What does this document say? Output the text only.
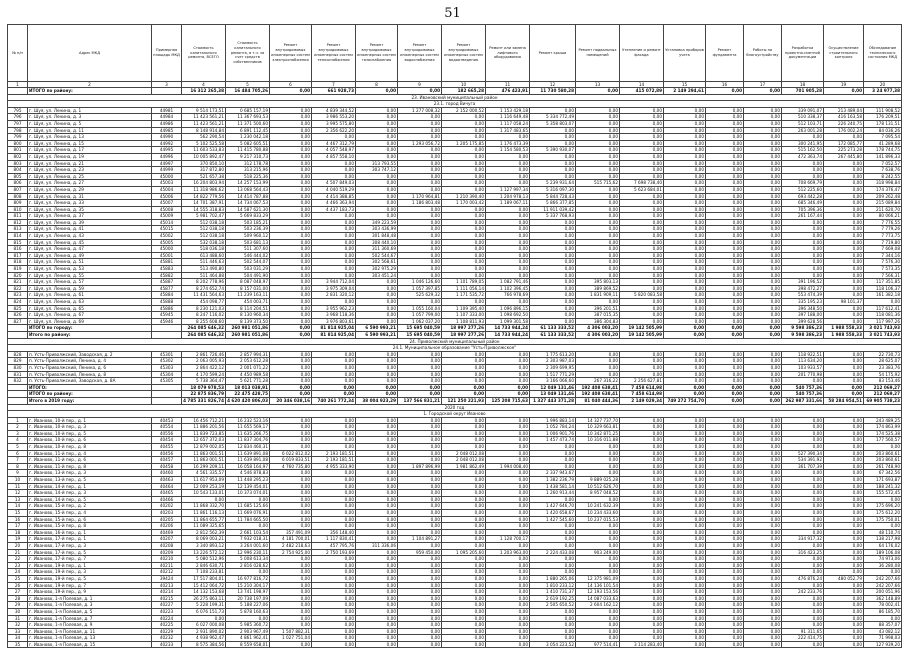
51
№ п/п	Адрес МКД	Примерная площадь МКД	Стоимость капитального ремонта, ВСЕГО	Стоимость капитального ремонта, в т.ч. за счет средств собственников	Ремонт внутридомовых инженерных систем электроснабжения	Ремонт внутридомовых инженерных систем теплоснабжения	Ремонт внутридомовых инженерных систем газоснабжения	Ремонт внутридомовых инженерных систем водоснабжения	Ремонт внутридомовых инженерных систем водоотведения	Ремонт или замена лифтового оборудования	Ремонт крыши	Ремонт подвальных помещений	Утепление и ремонт фасада	Установка приборов учета	Ремонт фундамента	Работы по благоустройству	Разработка проектно-сметной документации	Осуществление строительного контроля	Обследование технического состояния МКД
1	2	3	4	5	6	7	8	9	10	11	12	13	14	15	16	17	18	19	20
	ИТОГО по району:		16 312 265,38	16 484 705,26	0,00	661 928,73	0,00	0,00	182 665,28	476 423,91	11 730 580,28	0,00	415 072,89	2 149 294,61	0,00	0,00	701 905,28	0,00	3 24 977,38
23. Ивановский муниципальный район																			
23.1. город Вичуга																			
795	г. Шуя, ул. Ленина, д. 1	44981	9 514 173,51	0 685 157,19	0,00	4 839 344,52	0,00	1 277 008,32	2 152 000,52	1 153 429,18	0,00	0,00	0,00	0,00	0,00	0,00	339 091,07	213 489,04	111 908,52
796	г. Шуя, ул. Ленина, д. 3	44984	11 423 561,21	11 367 693,53	0,00	3 986 553,20	0,00	0,00	0,00	1 116 649,48	5 334 772,49	0,00	0,00	0,00	0,00	0,00	510 338,37	416 163,58	176 209,51
797	г. Шуя, ул. Ленина, д. 5	44986	11 423 561,21	11 371 500,60	0,00	3 995 575,80	0,00	0,00	0,00	1 117 058,24	5 358 803,07	0,00	0,00	0,00	0,00	0,00	512 103,71	226 240,75	178 131,51
798	г. Шуя, ул. Ленина, д. 11	44985	8 148 914,84	6 891 112,45	0,00	2 356 622,20	0,00	0,00	0,00	1 317 483,65	0,00	0,00	0,00	0,00	0,00	0,00	263 001,28	176 002,24	84 036,26
799	г. Шуя, ул. Ленина, д. 13	44990	562 290,54	1 230 042,18	0,00	0,00	0,00	0,00	0,00	0,00	0,00	0,00	0,00	0,00	0,00	0,00	0,00	0,00	7 095,54
800	г. Шуя, ул. Ленина, д. 15	44992	5 102 525,58	5 082 605,51	0,00	4 467 312,79	0,00	1 293 056,72	1 205 175,85	1 176 473,39	0,00	0,00	0,00	0,00	0,00	0,00	300 241,95	172 085,77	41 289,68
801	г. Шуя, ул. Ленина, д. 17	44995	11 603 533,83	11 415 780,88	0,00	4 057 548,97	0,00	0,00	0,00	1 154 580,53	5 390 930,07	0,00	0,00	0,00	0,00	0,00	515 162,50	225 273,28	178 744,75
802	г. Шуя, ул. Ленина, д. 19	44996	10 005 892,47	9 217 310,73	0,00	4 857 558,10	0,00	0,00	0,00	0,00	0,00	0,00	0,00	0,00	0,00	0,00	472 363,74	267 445,80	141 896,33
803	г. Шуя, ул. Ленина, д. 21	44997	370 850,10	312 178,78	0,00	0,00	313 793,55	0,00	0,00	0,00	0,00	0,00	0,00	0,00	0,00	0,00	0,00	0,00	7 052,57
804	г. Шуя, ул. Ленина, д. 23	44999	317 872,80	313 215,96	0,00	0,00	303 747,12	0,00	0,00	0,00	0,00	0,00	0,00	0,00	0,00	0,00	0,00	0,00	7 638,76
805	г. Шуя, ул. Ленина, д. 25	45000	521 657,38	518 225,36	0,00	0,00	0,00	0,00	0,00	0,00	0,00	0,00	0,00	0,00	0,00	0,00	0,00	0,00	8 242,55
806	г. Шуя, ул. Ленина, д. 27	45003	16 204 803,94	14 257 153,99	0,00	4 507 849,03	0,00	0,00	0,00	0,00	5 239 931,64	515 715,62	7 698 738,40	0,00	0,00	0,00	708 669,79	0,00	318 998,84
807	г. Шуя, ул. Ленина, д. 29	45004	11 318 986,62	13 068 564,43	0,00	4 040 519,29	0,00	0,00	0,00	1 127 997,34	5 316 097,30	0,00	5 623 684,01	0,00	0,00	0,00	512 225,60	0,00	174 376,47
808	г. Шуя, ул. Ленина, д. 31	45006	14 822 779,56	14 414 787,88	0,00	4 414 388,85	0,00	1 170 964,81	1 210 390,40	1 204 978,13	5 844 728,43	0,00	0,00	0,00	0,00	0,00	693 442,28	0,00	209 262,48
809	г. Шуя, ул. Ленина, д. 33	45007	14 701 387,91	14 734 067,53	0,00	4 466 363,94	0,00	1 186 803,48	1 170 003,42	1 189 067,11	5 866 377,85	0,00	0,00	0,00	0,00	0,00	685 346,49	0,00	215 089,84
810	г. Шуя, ул. Ленина, д. 35	45008	14 555 318,83	14 587 621,30	0,00	4 437 183,73	0,00	0,00	0,00	0,00	11 911 039,42	0,00	0,00	0,00	0,00	0,00	705 396,36	0,00	211 620,70
811	г. Шуя, ул. Ленина, д. 37	45009	5 981 702,47	5 669 833,29	0,00	0,00	0,00	0,00	0,00	0,00	5 337 768,93	0,00	0,00	0,00	0,00	0,00	261 167,44	0,00	80 066,21
812	г. Шуя, ул. Ленина, д. 39	45014	512 038,18	503 185,21	0,00	0,00	349 223,59	0,00	0,00	0,00	0,00	0,00	0,00	0,00	0,00	0,00	0,00	0,00	7 776,55
813	г. Шуя, ул. Ленина, д. 41	45015	512 038,18	503 236,39	0,00	0,00	303 436,99	0,00	0,00	0,00	0,00	0,00	0,00	0,00	0,00	0,00	0,00	0,00	7 779,26
814	г. Шуя, ул. Ленина, д. 43	45002	512 038,18	509 960,12	0,00	0,00	301 848,48	0,00	0,00	0,00	0,00	0,00	0,00	0,00	0,00	0,00	0,00	0,00	7 773,75
815	г. Шуя, ул. Ленина, д. 45	45005	532 038,18	503 681,13	0,00	0,00	308 440,10	0,00	0,00	0,00	0,00	0,00	0,00	0,00	0,00	0,00	0,00	0,00	7 719,80
816	г. Шуя, ул. Ленина, д. 47	45000	518 036,18	511 307,60	0,00	0,00	311 360,69	0,00	0,00	0,00	0,00	0,00	0,00	0,00	0,00	0,00	0,00	0,00	7 669,08
817	г. Шуя, ул. Ленина, д. 49	45001	613 488,60	546 444,02	0,00	0,00	502 544,67	0,00	0,00	0,00	0,00	0,00	0,00	0,00	0,00	0,00	0,00	0,00	7 344,16
818	г. Шуя, ул. Ленина, д. 51	45881	511 446,63	502 544,07	0,00	0,00	302 568,61	0,00	0,00	0,00	0,00	0,00	0,00	0,00	0,00	0,00	0,00	0,00	7 576,30
819	г. Шуя, ул. Ленина, д. 53	45883	513 490,80	503 031,29	0,00	0,00	302 975,29	0,00	0,00	0,00	0,00	0,00	0,00	0,00	0,00	0,00	0,00	0,00	7 573,35
820	г. Шуя, ул. Ленина, д. 55	45882	511 464,88	504 491,90	0,00	0,00	303 451,24	0,00	0,00	0,00	0,00	0,00	0,00	0,00	0,00	0,00	0,00	0,00	7 566,31
821	г. Шуя, ул. Ленина, д. 57	45887	8 202 778,96	8 087 048,97	0,00	3 944 712,04	0,00	1 046 126,60	1 101 789,05	1 082 791,46	0,00	395 803,13	0,00	0,00	0,00	0,00	391 196,52	0,00	117 351,85
822	г. Шуя, ул. Ленина, д. 59	45877	8 274 652,74	8 157 031,00	0,00	3 975 309,04	0,00	1 057 397,85	1 111 056,14	1 102 396,45	0,00	389 869,52	0,00	0,00	0,00	0,00	398 472,27	0,00	118 106,37
823	г. Шуя, ул. Ленина, д. 61	45884	11 431 564,63	11 239 163,11	0,00	2 831 320,12	0,00	525 629,32	1 171 535,72	766 978,69	0,00	1 831 909,11	5 820 083,58	0,00	0,00	0,00	553 474,39	0,00	161 382,18
824	г. Шуя, ул. Ленина, д. 63	45888	454 098,77	454 003,71	0,00	0,00	0,00	0,00	0,00	0,00	0,00	0,00	0,00	0,00	0,00	0,00	335 195,23	98 101,37	0,00
825	г. Шуя, ул. Ленина, д. 65	45886	8 230 121,03	8 114 204,51	0,00	3 955 962,23	0,00	1 055 160,04	1 109 395,40	1 096 896,15	0,00	396 201,51	0,00	0,00	0,00	0,00	396 348,50	0,00	117 612,41
826	г. Шуя, ул. Ленина, д. 67	45945	8 247 116,02	8 130 960,34	0,00	3 968 118,36	0,00	1 057 799,00	1 107 333,00	1 098 692,50	0,00	387 015,35	0,00	0,00	0,00	0,00	397 188,00	0,00	118 081,36
827	г. Шуя, ул. Ленина, д. 69	45946	8 255 608,60	8 139 373,50	0,00	3 976 803,61	0,00	1 062 037,20	1 108 811,93	1 099 301,58	0,00	386 304,83	0,00	0,00	0,00	0,00	399 628,56	0,00	117 997,26
	ИТОГО по городу:		264 085 646,32	260 981 051,86	0,00	81 814 925,04	6 590 993,21	15 695 040,59	18 997 277,26	14 733 944,24	61 133 333,52	4 306 003,20	19 142 505,99	0,00	0,00	0,00	9 598 386,23	1 988 558,33	3 021 743,93
	Итого по району:		264 085 646,32	260 981 051,86	0,00	81 814 925,04	6 590 993,21	15 695 040,59	18 997 277,26	14 733 944,24	61 133 333,52	4 306 003,20	19 142 505,99	0,00	0,00	0,00	9 598 386,23	1 988 558,33	3 021 743,93
24. Приволжский муниципальный район																			
24.1. Муниципальное образование "Усть-Приволжское"																			
828	п. Усть-Приволжский, Заводская, д. 2	45301	2 861 726,46	2 857 994,31	0,00	0,00	0,00	0,00	0,00	0,00	1 775 613,20	0,00	0,00	0,00	0,00	0,00	118 922,51	0,00	22 730,73
829	п. Усть-Приволжский, Ленина, д. 4	45302	2 063 005,93	2 053 612,28	0,00	0,00	0,00	0,00	0,00	0,00	2 303 987,03	0,00	0,00	0,00	0,00	0,00	113 634,20	0,00	28 625,07
830	п. Усть-Приволжский, Ленина, д. 6	45303	2 864 422,12	2 001 071,22	0,00	0,00	0,00	0,00	0,00	0,00	2 309 699,95	0,00	0,00	0,00	0,00	0,00	103 933,57	0,00	23 383,76
831	п. Усть-Приволжский, Ленина, д. 8	45304	4 170 599,24	4 450 989,58	0,00	0,00	0,00	0,00	0,00	0,00	1 517 771,29	0,00	0,00	0,00	0,00	0,00	201 770,98	0,00	54 175,92
832	п. Усть-Приволжский, Заводская, д. 8А	45305	5 738 364,47	5 621 771,28	0,00	0,00	0,00	0,00	0,00	0,00	3 166 066,60	267 316,22	2 256 627,81	0,00	0,00	0,00	0,00	0,00	83 153,46
	ИТОГО:		18 079 978,53	18 013 038,91	0,00	0,00	0,00	0,00	0,00	0,00	12 049 131,46	192 408 638,41	7 458 614,98	0,00	0,00	0,00	540 757,36	0,00	212 069,27
	ИТОГО по району:		22 875 836,79	22 475 428,75	0,00	0,00	0,00	0,00	0,00	0,00	13 049 131,46	192 408 638,41	7 458 614,98	0,00	0,00	0,00	540 757,36	0,00	212 069,27
	Итого в 2019 году:		4 785 331 826,74	4 620 420 806,03	20 346 038,16	740 261 772,34	38 004 923,29	137 566 831,21	121 250 221,93	125 208 715,63	1 327 443 371,28	81 040 444,36	2 149 029,34	749 272 754,70	0,00	0,00	262 987 331,66	58 284 954,51	69 905 738,23
2020 год																			
1. Городской округ Иваново																			
1	г. Иваново, 10-й пер., д. 1	40453	16 456 712,21	16 232 523,16	0,00	0,00	0,00	0,00	0,00	0,00	1 996 883,14	14 327 737,70	0,00	0,00	0,00	0,00	0,00	0,00	243 489,25
2	г. Иваново, 10-й пер., д. 3	40554	11 886 201,56	11 655 569,17	0,00	0,00	0,00	0,00	0,00	0,00	1 052 784,24	10 329 663,81	0,00	0,00	0,00	0,00	0,00	0,00	174 863,99
3	г. Иваново, 10-й пер., д. 5	40556	11 839 723,85	11 635 266,75	0,00	0,00	0,00	0,00	0,00	0,00	1 006 901,76	10 342 871,25	0,00	0,00	0,00	0,00	0,00	0,00	174 525,38
4	г. Иваново, 10-й пер., д. 6	40454	12 657 372,03	11 837 304,76	0,00	0,00	0,00	0,00	0,00	0,00	1 457 473,74	10 316 011,88	0,00	0,00	0,00	0,00	0,00	0,00	177 560,57
5	г. Иваново, 10-й пер., д. 8	40455	12 879 002,05	12 834 460,31	0,00	0,00	0,00	0,00	0,00	0,00	0,00	0,00	0,00	0,00	0,00	0,00	0,00	0,00	0,00
6	г. Иваново, 11-й пер., д. 4	40456	11 863 001,51	11 639 891,08	6 022 812,02	2 193 181,51	0,00	0,00	2 048 012,08	0,00	0,00	0,00	0,00	0,00	0,00	0,00	527 390,34	0,00	203 860,61
7	г. Иваново, 11-й пер., д. 6	40457	11 863 001,51	11 639 891,08	6 019 833,51	2 193 181,51	0,00	0,00	2 048 012,08	0,00	0,00	0,00	0,00	0,00	0,00	0,00	534 391,92	0,00	203 860,61
8	г. Иваново, 11-й пер., д. 8	40458	16 299 209,11	16 058 164,97	4 760 735,80	4 955 333,90	0,00	1 897 896,99	1 981 862,49	1 994 008,40	0,00	0,00	0,00	0,00	0,00	0,00	361 707,39	0,00	261 748,90
9	г. Иваново, 13-й пер., д. 3	40460	4 561 335,57	4 546 878,83	0,00	0,00	0,00	0,00	0,00	0,00	2 337 943,67	0,00	0,00	0,00	0,00	0,00	0,00	0,00	67 342,56
10	г. Иваново, 13-й пер., д. 5	40463	11 617 953,09	11 448 295,23	0,00	0,00	0,00	0,00	0,00	0,00	1 382 236,79	9 889 025,28	0,00	0,00	0,00	0,00	0,00	0,00	171 693,87
11	г. Иваново, 14-й пер., д. 1	40464	12 009 253,19	12 139 454,01	0,00	0,00	0,00	0,00	0,00	0,00	1 438 581,14	10 512 626,70	0,00	0,00	0,00	0,00	0,00	0,00	188 241,32
12	г. Иваново, 14-й пер., д. 3	40465	10 543 133,01	10 373 074,01	0,00	0,00	0,00	0,00	0,00	0,00	1 260 913,44	8 957 048,52	0,00	0,00	0,00	0,00	0,00	0,00	155 572,45
13	г. Иваново, 14-й пер., д. 5	40466	0,00	0,00	0,00	0,00	0,00	0,00	0,00	0,00	0,00	0,00	0,00	0,00	0,00	0,00	0,00	0,00	0,00
14	г. Иваново, 15-й пер., д. 2	40202	11 868 332,70	11 685 125,66	0,00	0,00	0,00	0,00	0,00	0,00	1 427 646,70	10 241 632,39	0,00	0,00	0,00	0,00	0,00	0,00	175 696,20
15	г. Иваново, 15-й пер., д. 4	40203	11 861 116,13	11 669 076,91	0,00	0,00	0,00	0,00	0,00	0,00	1 420 658,67	10 234 433,60	0,00	0,00	0,00	0,00	0,00	0,00	175 612,20
16	г. Иваново, 15-й пер., д. 6	40205	11 864 655,77	11 784 665,50	0,00	0,00	0,00	0,00	0,00	0,00	1 427 545,60	10 237 015,53	0,00	0,00	0,00	0,00	0,00	0,00	175 750,01
17	г. Иваново, 15-й пер., д. 8	40206	11 089 325,65	0,00	0,00	0,00	0,00	0,00	0,00	0,00	0,00	0,00	0,00	0,00	0,00	0,00	0,00	0,00	0,00
18	г. Иваново, 16-й пер., д. 1	40469	2 812 562,39	2 661 103,54	357 491,09	356 148,40	0,00	0,00	0,00	0,00	0,00	0,00	0,00	0,00	0,00	0,00	0,00	0,00	48 110,74
19	г. Иваново, 17-й пер., д. 1	40207	8 069 003,21	7 932 018,31	4 181 700,01	1 117 830,41	0,00	1 104 891,27	0,00	1 128 700,17	0,00	0,00	0,00	0,00	0,00	0,00	334 917,32	0,00	138 217,98
20	г. Иваново, 17-й пер., д. 3	40208	3 340 893,12	3 264 001,60	2 482 218,63	457 795,76	311 336,06	0,00	0,00	0,00	0,00	0,00	0,00	0,00	0,00	0,00	0,00	0,00	64 176,02
21	г. Иваново, 17-й пер., д. 5	40209	13 226 572,12	12 996 230,11	2 754 925,00	2 750 193,69	0,00	959 450,00	1 095 205,60	1 203 963,00	2 224 433,08	903 249,00	0,00	0,00	0,00	0,00	316 423,25	0,00	189 106,08
22	г. Иваново, 17-й пер., д. 7	40210	5 080 512,96	5 008 613,34	0,00	0,00	0,00	0,00	0,00	0,00	0,00	0,00	0,00	0,00	0,00	0,00	0,00	0,00	74 973,06
23	г. Иваново, 19-й пер., д. 1	40211	2 846 630,71	2 816 028,62	0,00	0,00	0,00	0,00	0,00	0,00	0,00	0,00	0,00	0,00	0,00	0,00	0,00	0,00	36 280,08
24	г. Иваново, 19-й пер., д. 3	40212	7 108 233,81	0,00	0,00	0,00	0,00	0,00	0,00	0,00	0,00	0,00	0,00	0,00	0,00	0,00	0,00	0,00	0,00
25	г. Иваново, 19-й пер., д. 5	39424	17 517 804,01	16 977 816,72	0,00	0,00	0,00	0,00	0,00	0,00	1 880 265,06	12 375 981,09	0,00	0,00	0,00	0,00	476 876,24	480 052,79	242 207,66
26	г. Иваново, 19-й пер., д. 7	40213	15 412 064,72	15 210 304,17	0,00	0,00	0,00	0,00	0,00	0,00	1 810 233,12	14 136 101,54	0,00	0,00	0,00	0,00	0,00	0,00	242 207,66
27	г. Иваново, 19-й пер., д. 9	40214	14 132 153,68	13 741 198,97	0,00	0,00	0,00	0,00	0,00	0,00	1 410 731,37	12 193 153,56	0,00	0,00	0,00	0,00	242 233,76	0,00	200 051,96
28	г. Иваново, 1-я Полевая, д. 1	40215	26 275 863,11	20 738 197,09	0,00	0,00	0,00	0,00	0,00	0,00	2 619 192,25	14 087 033,63	0,00	0,00	0,00	0,00	0,00	0,00	362 148,89
29	г. Иваново, 1-я Полевая, д. 3	40227	5 228 199,31	5 188 227,06	0,00	0,00	0,00	0,00	0,00	0,00	2 505 650,52	2 604 162,12	0,00	0,00	0,00	0,00	0,00	0,00	78 002,41
30	г. Иваново, 1-я Полевая, д. 5	40223	6 076 151,73	5 878 160,63	0,00	0,00	0,00	0,00	0,00	0,00	0,00	0,00	0,00	0,00	0,00	0,00	0,00	0,00	86 185,70
31	г. Иваново, 1-я Полевая, д. 7	40224	0,00	0,00	0,00	0,00	0,00	0,00	0,00	0,00	0,00	0,00	0,00	0,00	0,00	0,00	0,00	0,00	0,00
32	г. Иваново, 1-я Полевая, д. 9	40225	6 027 000,08	5 985 360,72	0,00	0,00	0,00	0,00	0,00	0,00	0,00	0,00	0,00	0,00	0,00	0,00	0,00	0,00	88 357,07
33	г. Иваново, 1-я Полевая, д. 11	40229	2 931 890,02	2 903 967,49	1 507 882,31	0,00	0,00	0,00	0,00	0,00	0,00	0,00	0,00	0,00	0,00	0,00	91 311,65	0,00	43 082,12
34	г. Иваново, 1-я Полевая, д. 13	40232	4 938 962,47	4 861 962,41	1 027 751,04	0,00	0,00	0,00	0,00	0,00	0,00	0,00	0,00	0,00	0,00	0,00	222 414,75	0,00	71 998,03
35	г. Иваново, 1-я Полевая, д. 15	40233	8 575 384,56	8 559 658,01	0,00	0,00	0,00	0,00	0,00	0,00	3 054 223,52	977 514,41	3 114 283,40	0,00	0,00	0,00	0,00	0,00	127 939,20
